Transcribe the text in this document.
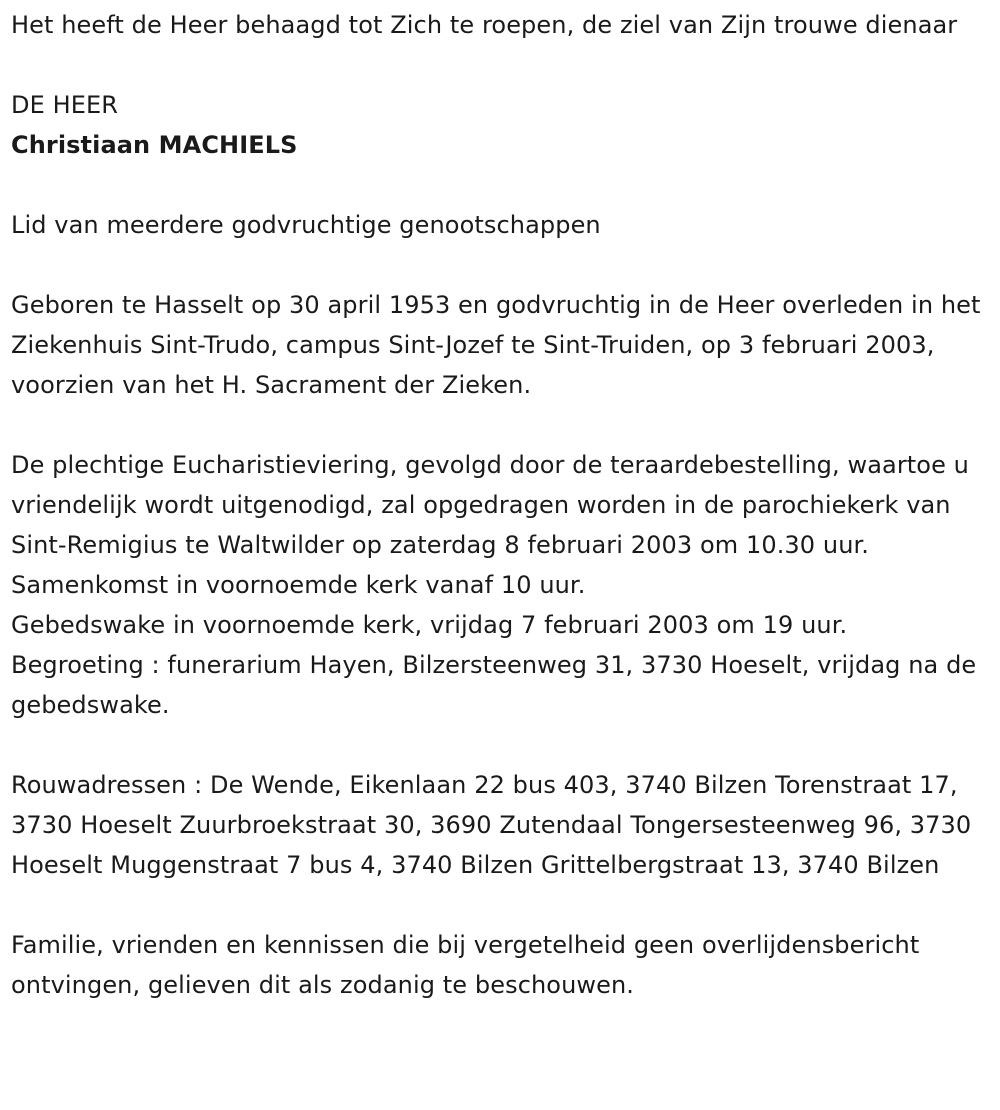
Het heeft de Heer behaagd tot Zich te roepen, de ziel van Zijn trouwe dienaar

DE HEER

Christiaan MACHIELS

Lid van meerdere godvruchtige genootschappen

Geboren te Hasselt op 30 april 1953 en godvruchtig in de Heer overleden in het Ziekenhuis Sint-Trudo, campus Sint-Jozef te Sint-Truiden, op 3 februari 2003, voorzien van het H. Sacrament der Zieken.

De plechtige Eucharistieviering, gevolgd door de teraardebestelling, waartoe u vriendelijk wordt uitgenodigd, zal opgedragen worden in de parochiekerk van Sint-Remigius te Waltwilder op zaterdag 8 februari 2003 om 10.30 uur. Samenkomst in voornoemde kerk vanaf 10 uur.

Gebedswake in voornoemde kerk, vrijdag 7 februari 2003 om 19 uur.

Begroeting : funerarium Hayen, Bilzersteenweg 31, 3730 Hoeselt, vrijdag na de gebedswake.

Rouwadressen : De Wende, Eikenlaan 22 bus 403, 3740 Bilzen Torenstraat 17, 3730 Hoeselt Zuurbroekstraat 30, 3690 Zutendaal Tongersesteenweg 96, 3730 Hoeselt Muggenstraat 7 bus 4, 3740 Bilzen Grittelbergstraat 13, 3740 Bilzen

Familie, vrienden en kennissen die bij vergetelheid geen overlijdensbericht ontvingen, gelieven dit als zodanig te beschouwen.
